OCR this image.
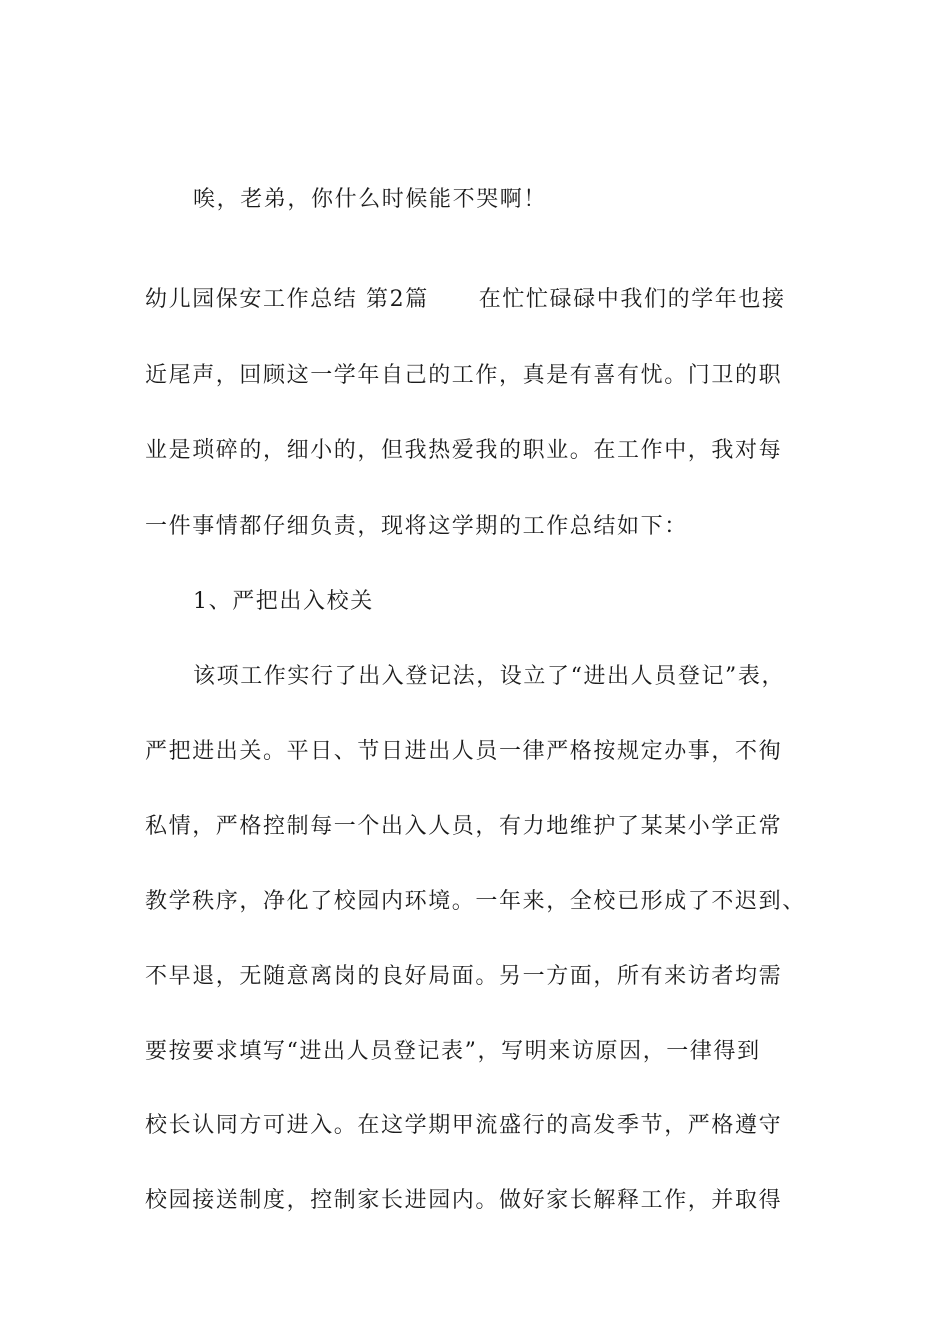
唉，老弟，你什么时候能不哭啊！
幼儿园保安工作总结 第2篇 在忙忙碌碌中我们的学年也接
近尾声，回顾这一学年自己的工作，真是有喜有忧。门卫的职
业是琐碎的，细小的，但我热爱我的职业。在工作中，我对每
一件事情都仔细负责，现将这学期的工作总结如下：
1、严把出入校关
该项工作实行了出入登记法，设立了“进出人员登记”表，
严把进出关。平日、节日进出人员一律严格按规定办事，不徇
私情，严格控制每一个出入人员，有力地维护了某某小学正常
教学秩序，净化了校园内环境。一年来，全校已形成了不迟到、
不早退，无随意离岗的良好局面。另一方面，所有来访者均需
要按要求填写“进出人员登记表”，写明来访原因，一律得到
校长认同方可进入。在这学期甲流盛行的高发季节，严格遵守
校园接送制度，控制家长进园内。做好家长解释工作，并取得
